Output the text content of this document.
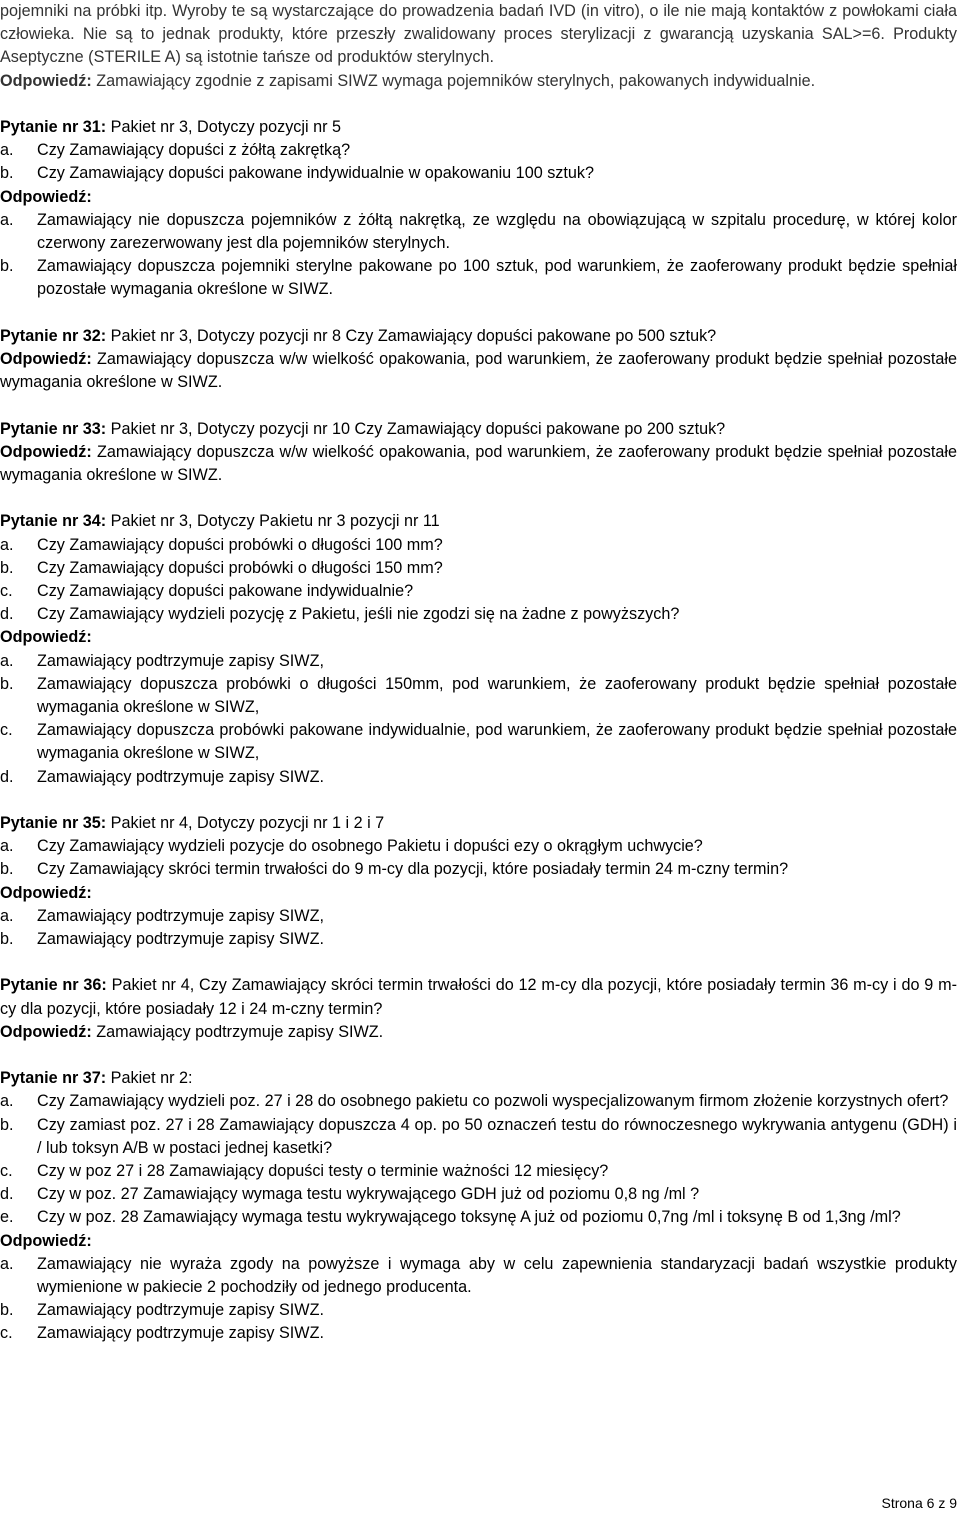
pojemniki na próbki itp. Wyroby te są wystarczające do prowadzenia badań IVD (in vitro), o ile nie mają kontaktów z powłokami ciała człowieka. Nie są to jednak produkty, które przeszły zwalidowany proces sterylizacji z gwarancją uzyskania SAL>=6. Produkty Aseptyczne (STERILE A) są istotnie tańsze od produktów sterylnych.

Odpowiedź: Zamawiający zgodnie z zapisami SIWZ wymaga pojemników sterylnych, pakowanych indywidualnie.

Pytanie nr 31: Pakiet nr 3, Dotyczy pozycji nr 5

a.	Czy Zamawiający dopuści z żółtą zakrętką?
b.	Czy Zamawiający dopuści pakowane indywidualnie w opakowaniu 100 sztuk?

Odpowiedź:

a.	Zamawiający nie dopuszcza pojemników z żółtą nakrętką, ze względu na obowiązującą w szpitalu procedurę, w której kolor czerwony zarezerwowany jest dla pojemników sterylnych.
b.	Zamawiający dopuszcza pojemniki sterylne pakowane po 100 sztuk, pod warunkiem, że zaoferowany produkt będzie spełniał pozostałe wymagania określone w SIWZ.

Pytanie nr 32: Pakiet nr 3, Dotyczy pozycji nr 8 Czy Zamawiający dopuści pakowane po 500 sztuk?

Odpowiedź: Zamawiający dopuszcza w/w wielkość opakowania, pod warunkiem, że zaoferowany produkt będzie spełniał pozostałe wymagania określone w SIWZ.

Pytanie nr 33: Pakiet nr 3, Dotyczy pozycji nr 10 Czy Zamawiający dopuści pakowane po 200 sztuk?

Odpowiedź: Zamawiający dopuszcza w/w wielkość opakowania, pod warunkiem, że zaoferowany produkt będzie spełniał pozostałe wymagania określone w SIWZ.

Pytanie nr 34: Pakiet nr 3, Dotyczy Pakietu nr 3 pozycji nr 11

a.	Czy Zamawiający dopuści probówki o długości 100 mm?
b.	Czy Zamawiający dopuści probówki o długości 150 mm?
c.	Czy Zamawiający dopuści pakowane indywidualnie?
d.	Czy Zamawiający wydzieli pozycję z Pakietu, jeśli nie zgodzi się na żadne z powyższych?

Odpowiedź:

a.	Zamawiający podtrzymuje zapisy SIWZ,
b.	Zamawiający dopuszcza probówki o długości 150mm, pod warunkiem, że zaoferowany produkt będzie spełniał pozostałe wymagania określone w SIWZ,
c.	Zamawiający dopuszcza probówki pakowane indywidualnie, pod warunkiem, że zaoferowany produkt będzie spełniał pozostałe wymagania określone w SIWZ,
d.	Zamawiający podtrzymuje zapisy SIWZ.

Pytanie nr 35: Pakiet nr 4, Dotyczy pozycji nr 1 i 2 i 7

a.	Czy Zamawiający wydzieli pozycje do osobnego Pakietu i dopuści ezy o okrągłym uchwycie?
b.	Czy Zamawiający skróci termin trwałości do 9 m-cy dla pozycji, które posiadały termin 24 m-czny termin?

Odpowiedź:

a.	Zamawiający podtrzymuje zapisy SIWZ,
b.	Zamawiający podtrzymuje zapisy SIWZ.

Pytanie nr 36: Pakiet nr 4, Czy Zamawiający skróci termin trwałości do 12 m-cy dla pozycji, które posiadały termin 36 m-cy i do 9 m-cy dla pozycji, które posiadały 12 i 24 m-czny termin?

Odpowiedź: Zamawiający podtrzymuje zapisy SIWZ.

Pytanie nr 37: Pakiet nr 2:

a.	Czy Zamawiający wydzieli poz. 27 i 28 do osobnego pakietu co pozwoli wyspecjalizowanym firmom złożenie korzystnych ofert?
b.	Czy zamiast poz. 27 i 28 Zamawiający dopuszcza 4 op. po 50 oznaczeń testu do równoczesnego wykrywania antygenu (GDH) i / lub toksyn A/B w postaci jednej kasetki?
c.	Czy w poz 27 i 28 Zamawiający dopuści testy o terminie ważności 12 miesięcy?
d.	Czy w poz. 27 Zamawiający wymaga testu wykrywającego GDH już od poziomu 0,8 ng /ml ?
e.	Czy w poz. 28 Zamawiający wymaga testu wykrywającego toksynę A już od poziomu 0,7ng /ml i toksynę B od 1,3ng /ml?

Odpowiedź:

a.	Zamawiający nie wyraża zgody na powyższe i wymaga aby w celu zapewnienia standaryzacji badań wszystkie produkty wymienione w pakiecie 2 pochodziły od jednego producenta.
b.	Zamawiający podtrzymuje zapisy SIWZ.
c.	Zamawiający podtrzymuje zapisy SIWZ.
Strona 6 z 9
